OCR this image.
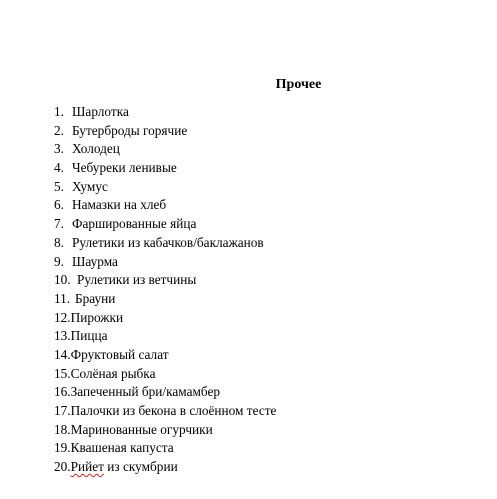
Прочее

1. Шарлотка
2. Бутерброды горячие
3. Холодец
4. Чебуреки ленивые
5. Хумус
6. Намазки на хлеб
7. Фаршированные яйца
8. Рулетики из кабачков/баклажанов
9. Шаурма
10. Рулетики из ветчины
11. Брауни
12.Пирожки
13.Пицца
14.Фруктовый салат
15.Солёная рыбка
16.Запеченный бри/камамбер
17.Палочки из бекона в слоённом тесте
18.Маринованные огурчики
19.Квашеная капуста
20.Рийет из скумбрии
